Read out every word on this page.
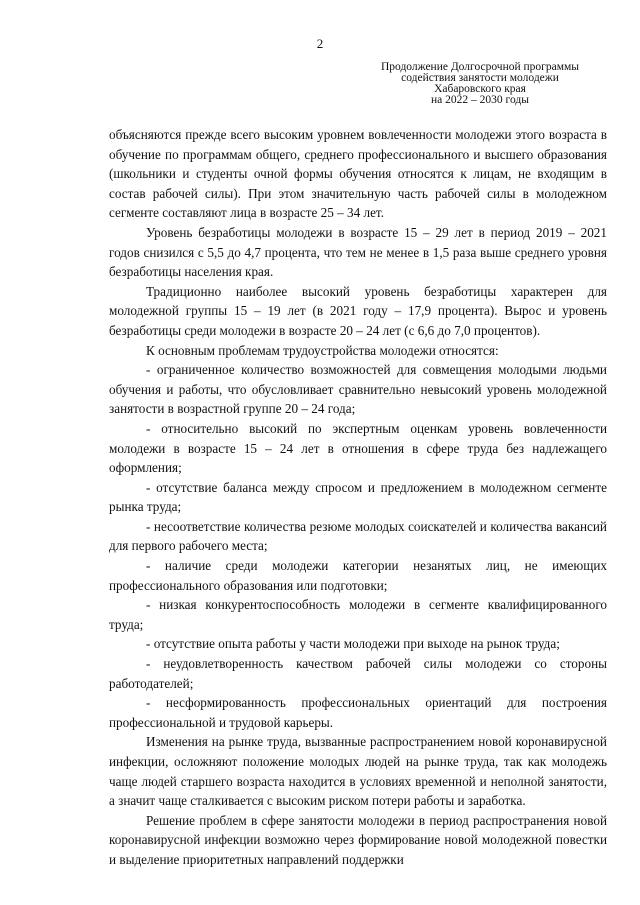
2
Продолжение Долгосрочной программы
содействия занятости молодежи
Хабаровского края
на 2022 – 2030 годы

объясняются прежде всего высоким уровнем вовлеченности молодежи этого возраста в обучение по программам общего, среднего профессионального и высшего образования (школьники и студенты очной формы обучения относятся к лицам, не входящим в состав рабочей силы). При этом значительную часть рабочей силы в молодежном сегменте составляют лица в возрасте 25 – 34 лет.

Уровень безработицы молодежи в возрасте 15 – 29 лет в период 2019 – 2021 годов снизился с 5,5 до 4,7 процента, что тем не менее в 1,5 раза выше среднего уровня безработицы населения края.

Традиционно наиболее высокий уровень безработицы характерен для молодежной группы 15 – 19 лет (в 2021 году – 17,9 процента). Вырос и уровень безработицы среди молодежи в возрасте 20 – 24 лет (с 6,6 до 7,0 процентов).

К основным проблемам трудоустройства молодежи относятся:

- ограниченное количество возможностей для совмещения молодыми людьми обучения и работы, что обусловливает сравнительно невысокий уровень молодежной занятости в возрастной группе 20 – 24 года;

- относительно высокий по экспертным оценкам уровень вовлеченности молодежи в возрасте 15 – 24 лет в отношения в сфере труда без надлежащего оформления;

- отсутствие баланса между спросом и предложением в молодежном сегменте рынка труда;

- несоответствие количества резюме молодых соискателей и количества вакансий для первого рабочего места;

- наличие среди молодежи категории незанятых лиц, не имеющих профессионального образования или подготовки;

- низкая конкурентоспособность молодежи в сегменте квалифицированного труда;

- отсутствие опыта работы у части молодежи при выходе на рынок труда;

- неудовлетворенность качеством рабочей силы молодежи со стороны работодателей;

- несформированность профессиональных ориентаций для построения профессиональной и трудовой карьеры.

Изменения на рынке труда, вызванные распространением новой коронавирусной инфекции, осложняют положение молодых людей на рынке труда, так как молодежь чаще людей старшего возраста находится в условиях временной и неполной занятости, а значит чаще сталкивается с высоким риском потери работы и заработка.

Решение проблем в сфере занятости молодежи в период распространения новой коронавирусной инфекции возможно через формирование новой молодежной повестки и выделение приоритетных направлений поддержки
